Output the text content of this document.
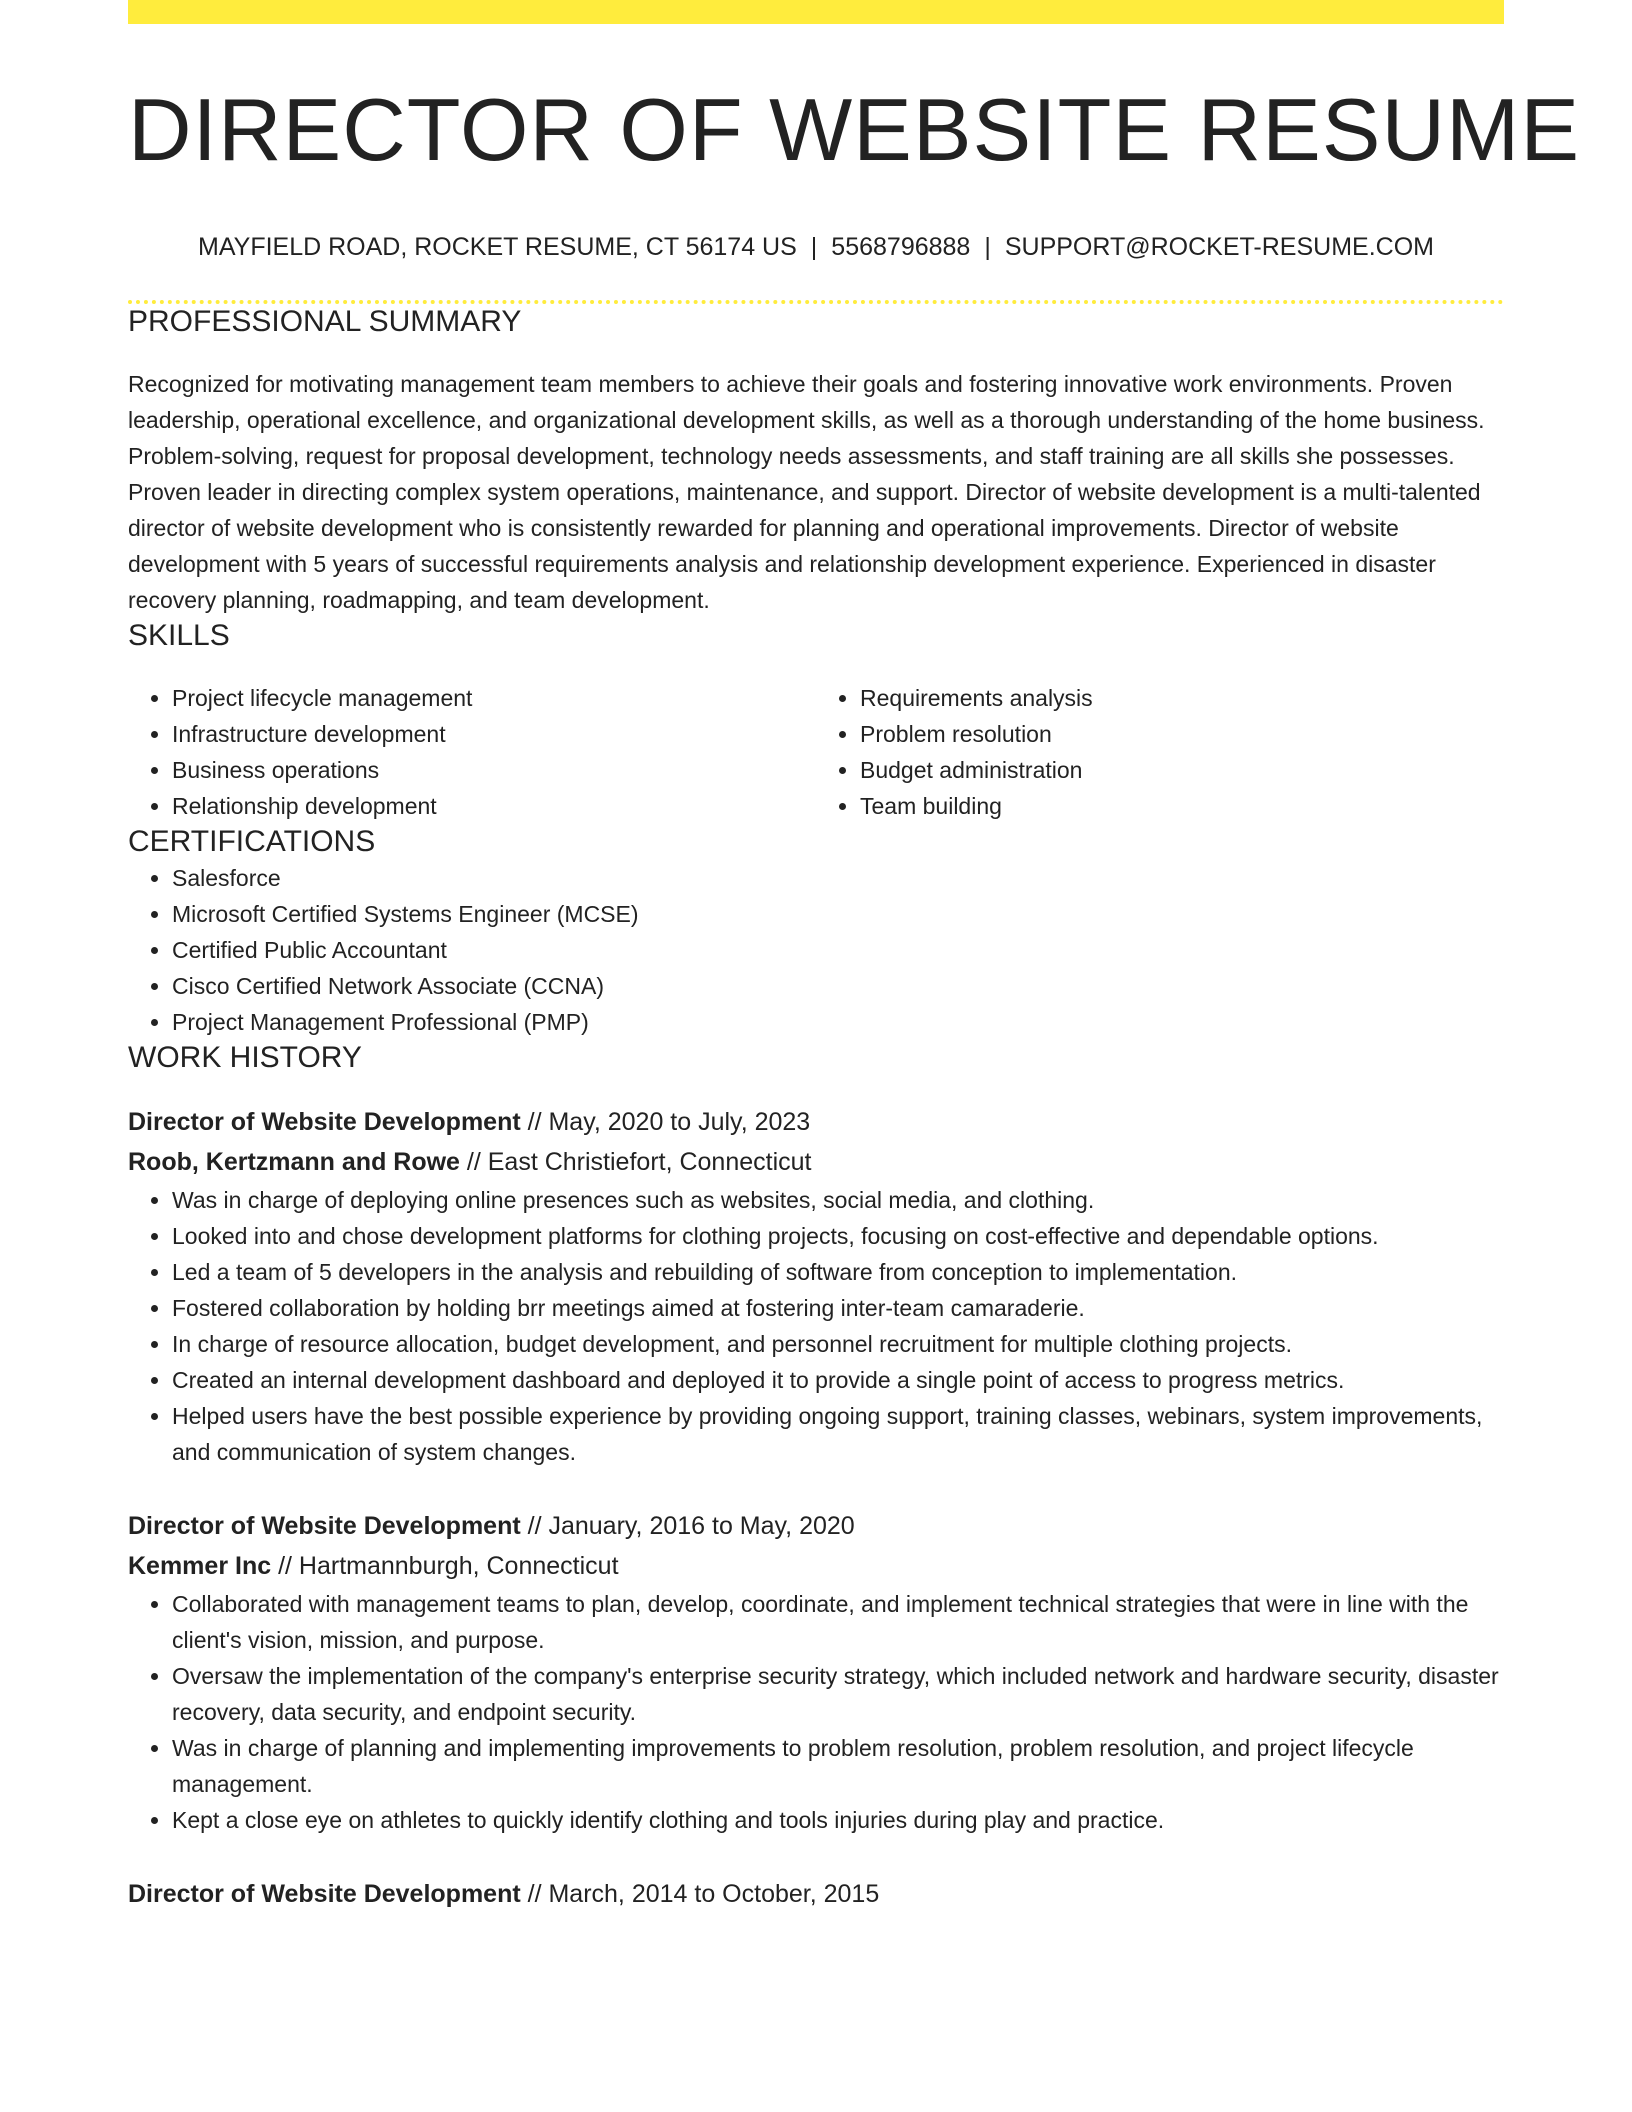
DIRECTOR OF WEBSITE RESUME
MAYFIELD ROAD, ROCKET RESUME, CT 56174 US | 5568796888 | SUPPORT@ROCKET-RESUME.COM
PROFESSIONAL SUMMARY
Recognized for motivating management team members to achieve their goals and fostering innovative work environments. Proven leadership, operational excellence, and organizational development skills, as well as a thorough understanding of the home business. Problem-solving, request for proposal development, technology needs assessments, and staff training are all skills she possesses. Proven leader in directing complex system operations, maintenance, and support. Director of website development is a multi-talented director of website development who is consistently rewarded for planning and operational improvements. Director of website development with 5 years of successful requirements analysis and relationship development experience. Experienced in disaster recovery planning, roadmapping, and team development.
SKILLS
• Project lifecycle management
• Infrastructure development
• Business operations
• Relationship development
• Requirements analysis
• Problem resolution
• Budget administration
• Team building
CERTIFICATIONS
• Salesforce
• Microsoft Certified Systems Engineer (MCSE)
• Certified Public Accountant
• Cisco Certified Network Associate (CCNA)
• Project Management Professional (PMP)
WORK HISTORY
Director of Website Development // May, 2020 to July, 2023
Roob, Kertzmann and Rowe // East Christiefort, Connecticut
• Was in charge of deploying online presences such as websites, social media, and clothing.
• Looked into and chose development platforms for clothing projects, focusing on cost-effective and dependable options.
• Led a team of 5 developers in the analysis and rebuilding of software from conception to implementation.
• Fostered collaboration by holding brr meetings aimed at fostering inter-team camaraderie.
• In charge of resource allocation, budget development, and personnel recruitment for multiple clothing projects.
• Created an internal development dashboard and deployed it to provide a single point of access to progress metrics.
• Helped users have the best possible experience by providing ongoing support, training classes, webinars, system improvements, and communication of system changes.
Director of Website Development // January, 2016 to May, 2020
Kemmer Inc // Hartmannburgh, Connecticut
• Collaborated with management teams to plan, develop, coordinate, and implement technical strategies that were in line with the client's vision, mission, and purpose.
• Oversaw the implementation of the company's enterprise security strategy, which included network and hardware security, disaster recovery, data security, and endpoint security.
• Was in charge of planning and implementing improvements to problem resolution, problem resolution, and project lifecycle management.
• Kept a close eye on athletes to quickly identify clothing and tools injuries during play and practice.
Director of Website Development // March, 2014 to October, 2015
